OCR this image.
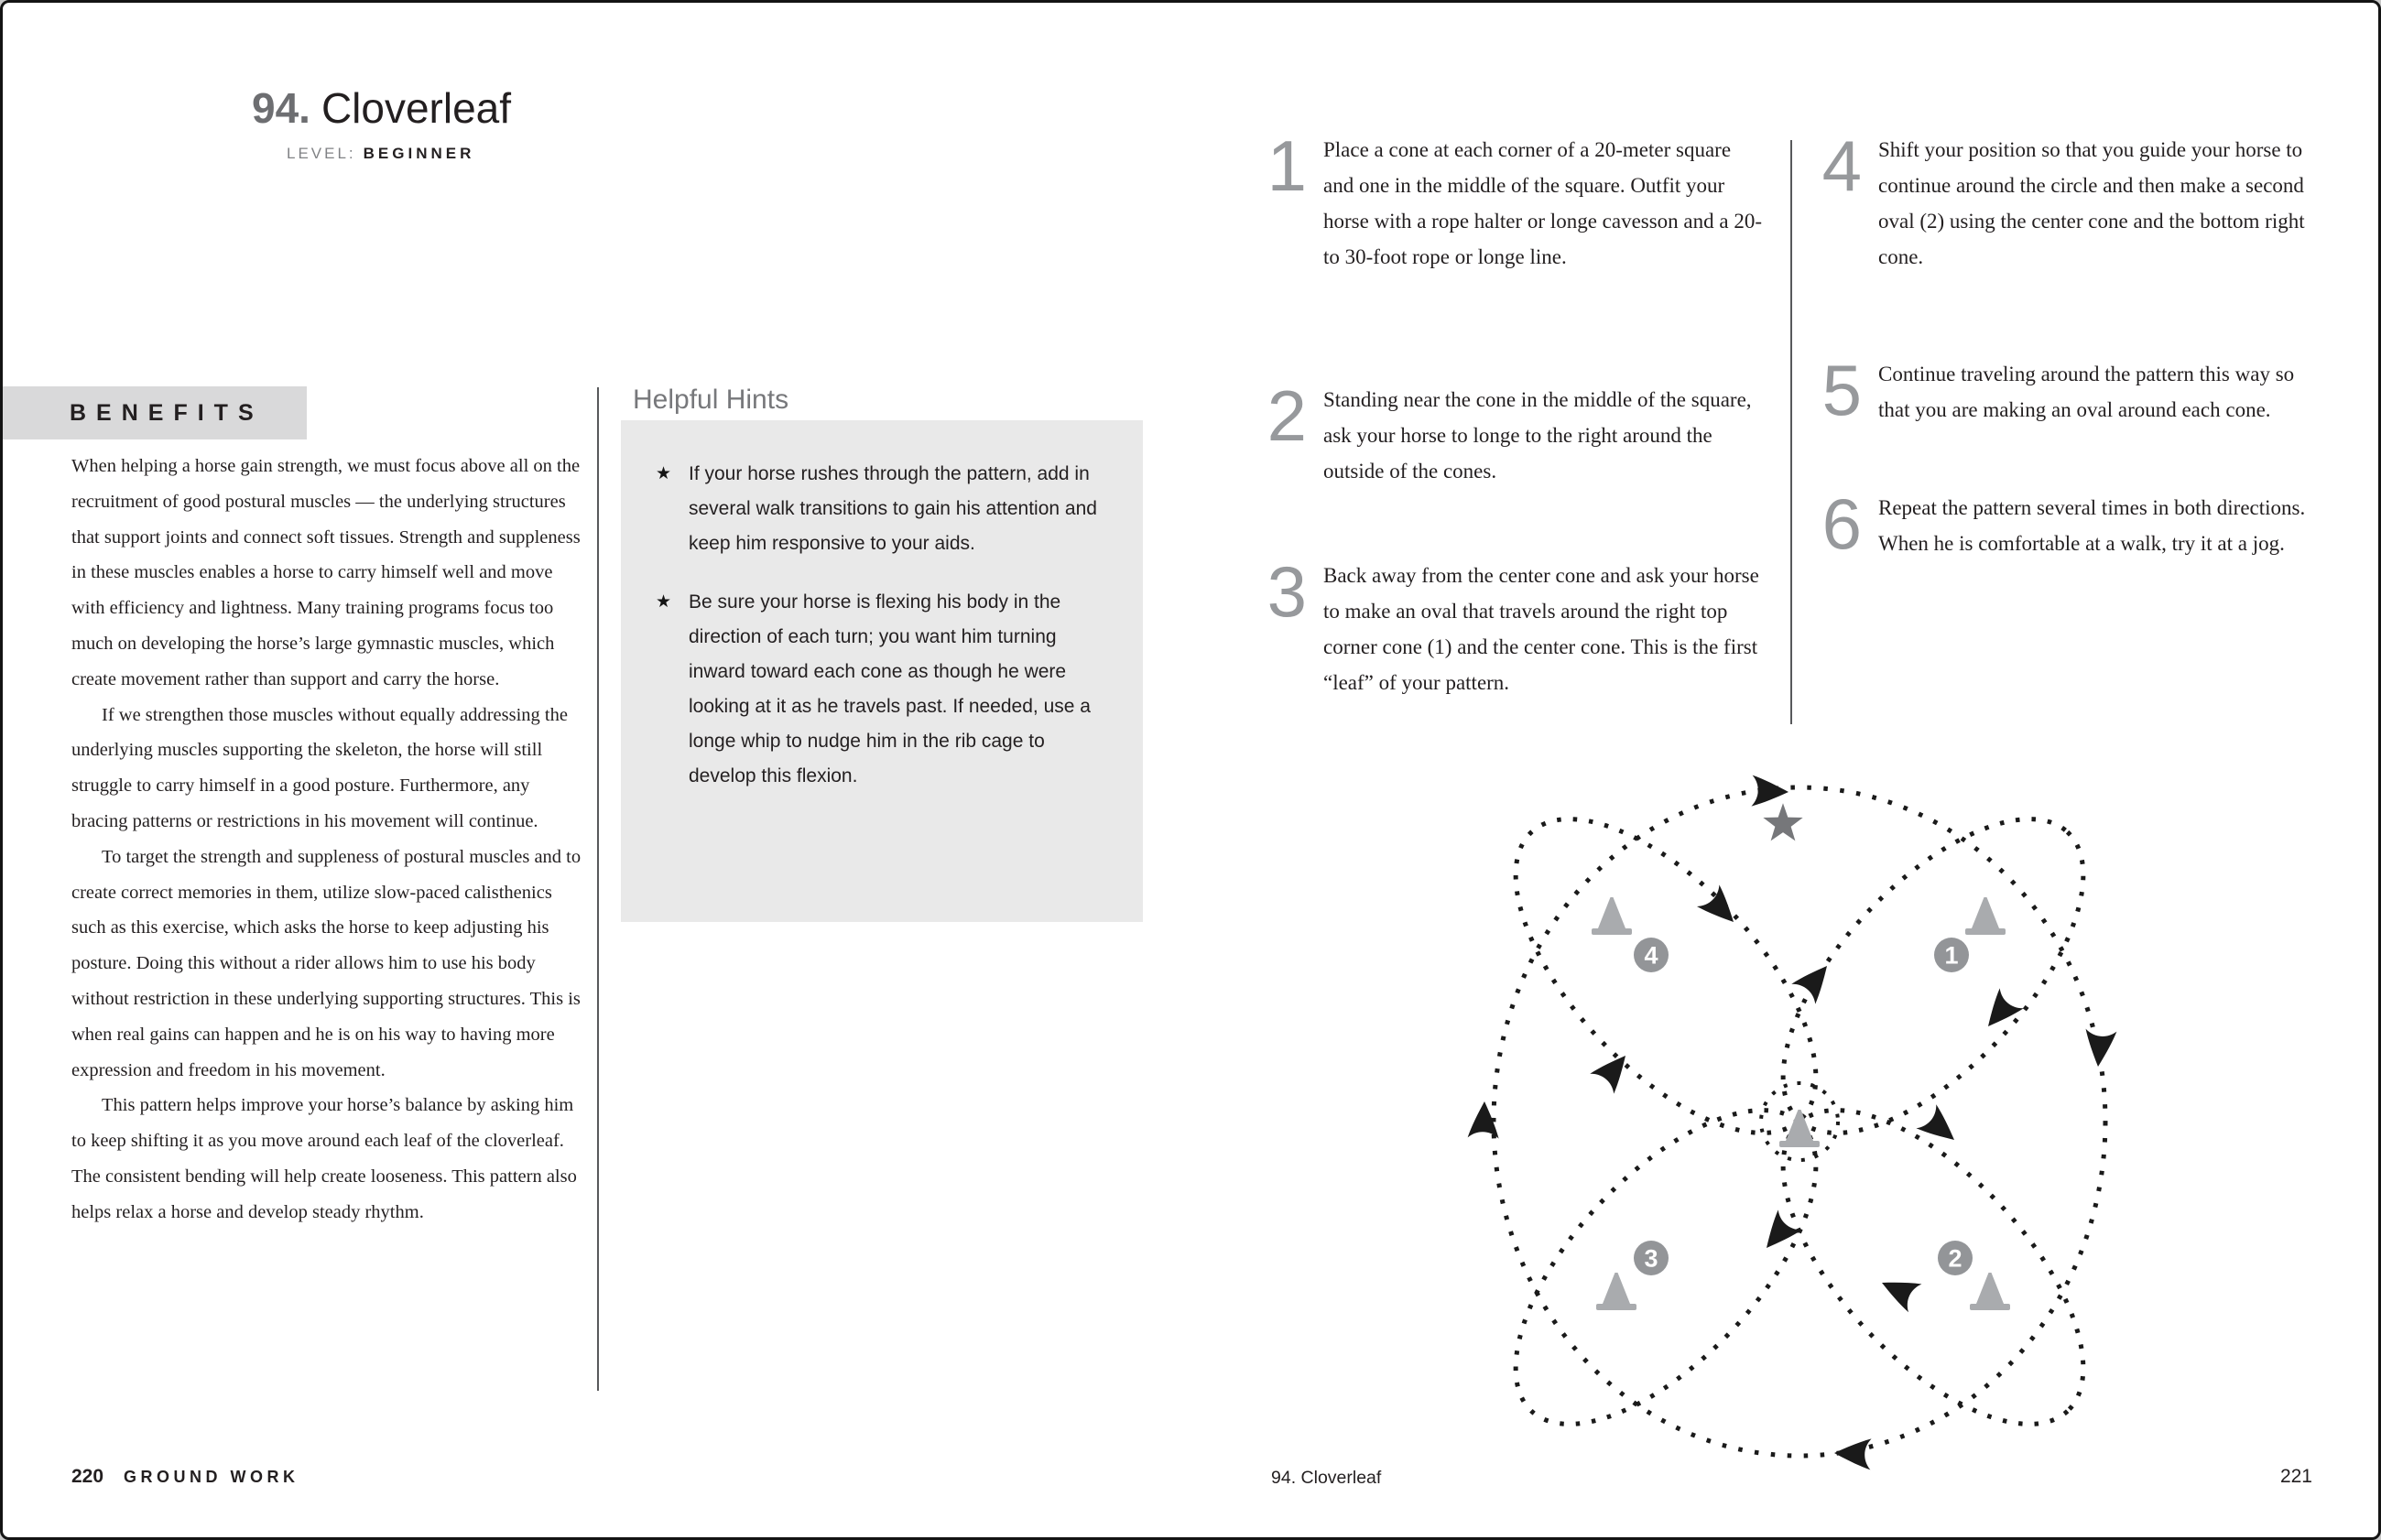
94. Cloverleaf
LEVEL: BEGINNER
BENEFITS

When helping a horse gain strength, we must focus above all on the recruitment of good postural muscles — the underlying structures that support joints and connect soft tissues. Strength and suppleness in these muscles enables a horse to carry himself well and move with efficiency and lightness. Many training programs focus too much on developing the horse’s large gymnastic muscles, which create movement rather than support and carry the horse.

If we strengthen those muscles without equally addressing the underlying muscles supporting the skeleton, the horse will still struggle to carry himself in a good posture. Furthermore, any bracing patterns or restrictions in his movement will continue.

To target the strength and suppleness of postural muscles and to create correct memories in them, utilize slow-paced calisthenics such as this exercise, which asks the horse to keep adjusting his posture. Doing this without a rider allows him to use his body without restriction in these underlying supporting structures. This is when real gains can happen and he is on his way to having more expression and freedom in his movement.

This pattern helps improve your horse’s balance by asking him to keep shifting it as you move around each leaf of the cloverleaf. The consistent bending will help create looseness. This pattern also helps relax a horse and develop steady rhythm.

Helpful Hints
★ If your horse rushes through the pattern, add in several walk transitions to gain his attention and keep him responsive to your aids.
★ Be sure your horse is flexing his body in the direction of each turn; you want him turning inward toward each cone as though he were looking at it as he travels past. If needed, use a longe whip to nudge him in the rib cage to develop this flexion.
1 Place a cone at each corner of a 20-meter square and one in the middle of the square. Outfit your horse with a rope halter or longe cavesson and a 20- to 30-foot rope or longe line.
2 Standing near the cone in the middle of the square, ask your horse to longe to the right around the outside of the cones.
3 Back away from the center cone and ask your horse to make an oval that travels around the right top corner cone (1) and the center cone. This is the first “leaf” of your pattern.
4 Shift your position so that you guide your horse to continue around the circle and then make a second oval (2) using the center cone and the bottom right cone.
5 Continue traveling around the pattern this way so that you are making an oval around each cone.
6 Repeat the pattern several times in both directions. When he is comfortable at a walk, try it at a jog.
1
2
3
4
220 GROUND WORK	94. Cloverleaf	221
